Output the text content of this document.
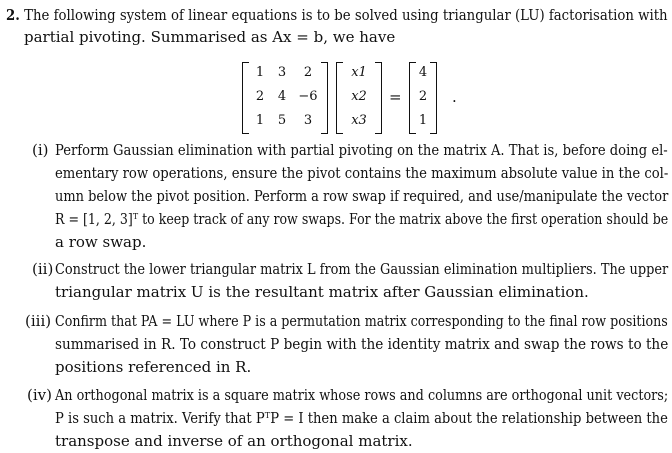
2. The following system of linear equations is to be solved using triangular (LU) factorisation with
partial pivoting. Summarised as Ax = b, we have
1	3	2
2	4 −6
1	5	3
x1
x2
x3
=
4
2
1
.
(i) Perform Gaussian elimination with partial pivoting on the matrix A. That is, before doing el-
ementary row operations, ensure the pivot contains the maximum absolute value in the col-
umn below the pivot position. Perform a row swap if required, and use/manipulate the vector
R = [1, 2, 3]ᵀ to keep track of any row swaps. For the matrix above the first operation should be
a row swap.
(ii) Construct the lower triangular matrix L from the Gaussian elimination multipliers. The upper
triangular matrix U is the resultant matrix after Gaussian elimination.
(iii) Confirm that PA = LU where P is a permutation matrix corresponding to the final row positions
summarised in R. To construct P begin with the identity matrix and swap the rows to the
positions referenced in R.
(iv) An orthogonal matrix is a square matrix whose rows and columns are orthogonal unit vectors;
P is such a matrix. Verify that PᵀP = I then make a claim about the relationship between the
transpose and inverse of an orthogonal matrix.
